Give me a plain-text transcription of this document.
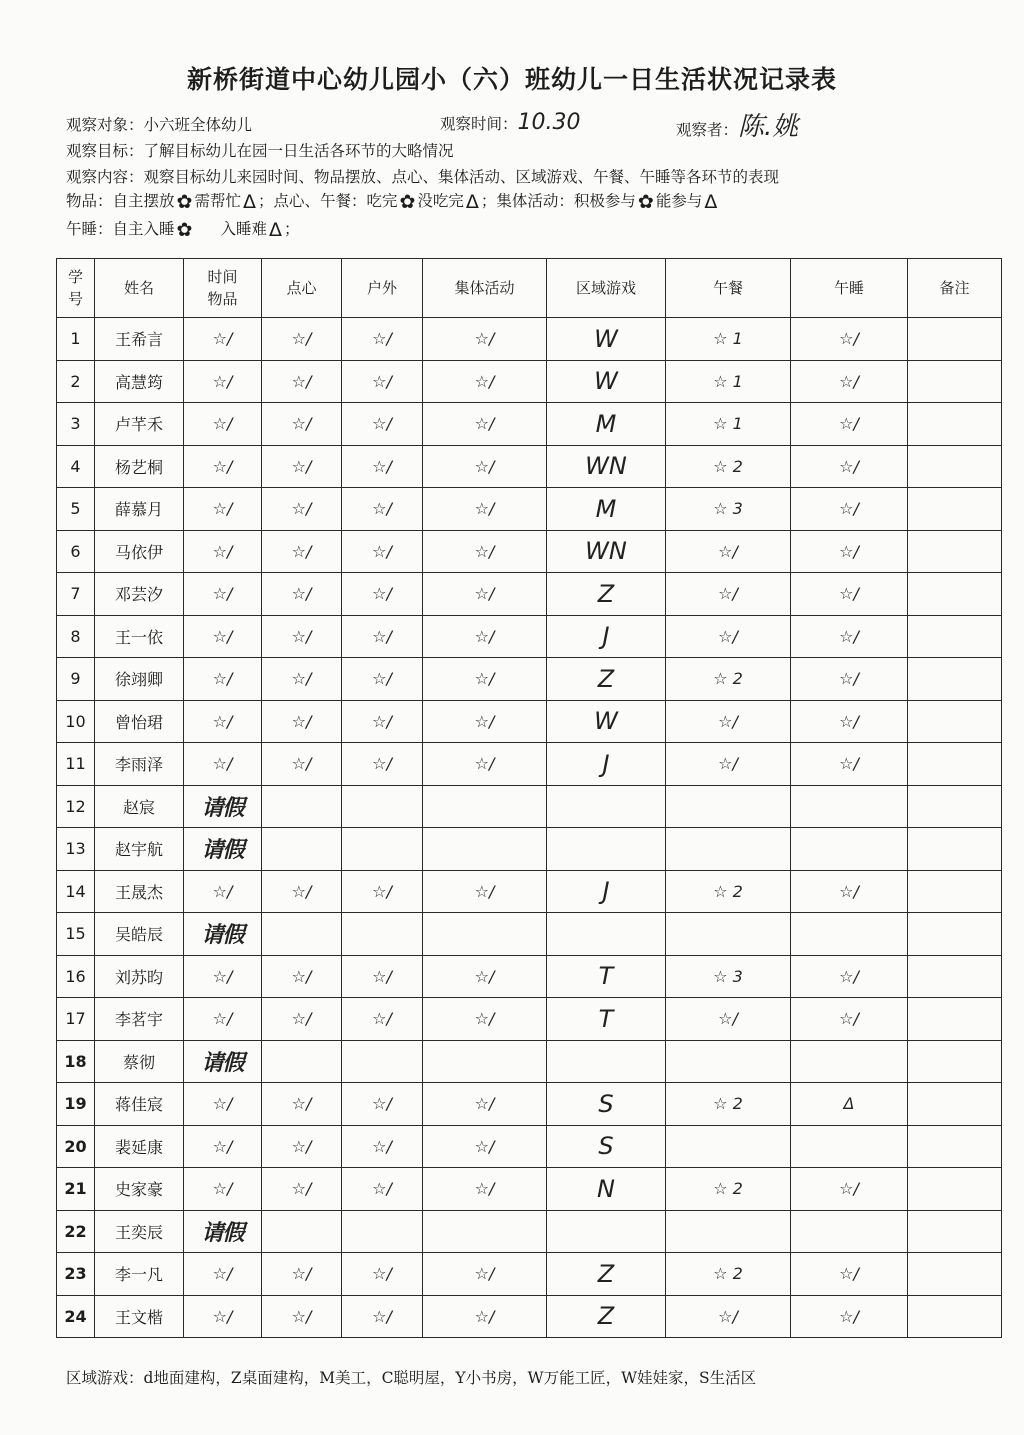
新桥街道中心幼儿园小（六）班幼儿一日生活状况记录表
观察对象：小六班全体幼儿	观察时间：10.30	观察者：陈.姚
观察目标：了解目标幼儿在园一日生活各环节的大略情况
观察内容：观察目标幼儿来园时间、物品摆放、点心、集体活动、区域游戏、午餐、午睡等各环节的表现
物品：自主摆放 ✿ 需帮忙 Δ ；点心、午餐：吃完 ✿ 没吃完 Δ ；集体活动：积极参与 ✿ 能参与 Δ
午睡：自主入睡 ✿ 入睡难 Δ ；
学号	姓名	时间物品	点心	户外	集体活动	区域游戏	午餐	午睡	备注
1	王希言	☆/	☆/	☆/	☆/	W	☆ 1	☆/	
2	高慧筠	☆/	☆/	☆/	☆/	W	☆ 1	☆/	
3	卢芊禾	☆/	☆/	☆/	☆/	M	☆ 1	☆/	
4	杨艺桐	☆/	☆/	☆/	☆/	WN	☆ 2	☆/	
5	薛慕月	☆/	☆/	☆/	☆/	M	☆ 3	☆/	
6	马依伊	☆/	☆/	☆/	☆/	WN	☆/	☆/	
7	邓芸汐	☆/	☆/	☆/	☆/	Z	☆/	☆/	
8	王一依	☆/	☆/	☆/	☆/	J	☆/	☆/	
9	徐翊卿	☆/	☆/	☆/	☆/	Z	☆ 2	☆/	
10	曾怡珺	☆/	☆/	☆/	☆/	W	☆/	☆/	
11	李雨泽	☆/	☆/	☆/	☆/	J	☆/	☆/	
12	赵宸	请假							
13	赵宇航	请假							
14	王晟杰	☆/	☆/	☆/	☆/	J	☆ 2	☆/	
15	吴皓辰	请假							
16	刘苏昀	☆/	☆/	☆/	☆/	T	☆ 3	☆/	
17	李茗宇	☆/	☆/	☆/	☆/	T	☆/	☆/	
18	蔡彻	请假							
19	蒋佳宸	☆/	☆/	☆/	☆/	S	☆ 2	Δ	
20	裴延康	☆/	☆/	☆/	☆/	S			
21	史家豪	☆/	☆/	☆/	☆/	N	☆ 2	☆/	
22	王奕辰	请假							
23	李一凡	☆/	☆/	☆/	☆/	Z	☆ 2	☆/	
24	王文楷	☆/	☆/	☆/	☆/	Z	☆/	☆/	
区域游戏：d地面建构，Z桌面建构，M美工，C聪明屋，Y小书房，W万能工匠，W娃娃家，S生活区
